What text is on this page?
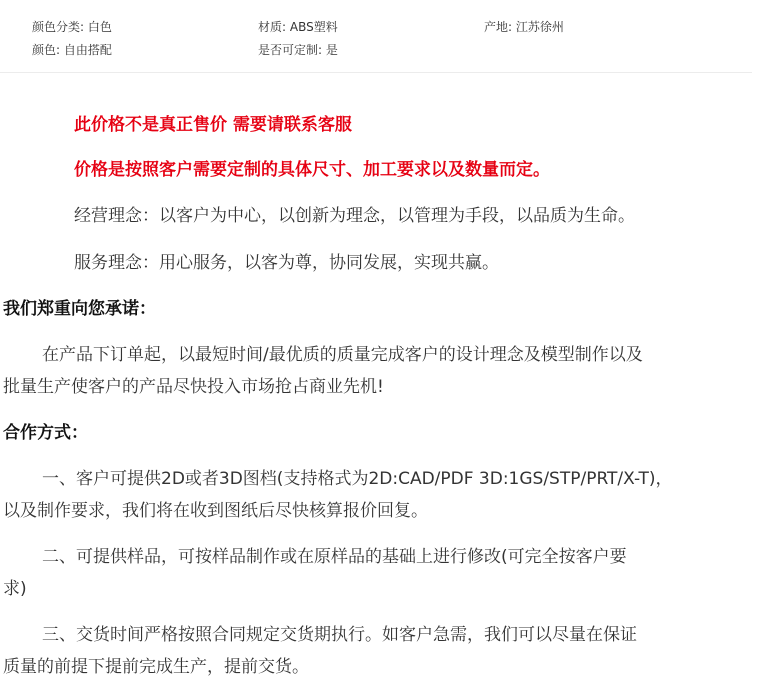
颜色分类: 白色	材质: ABS塑料	产地: 江苏徐州
颜色: 自由搭配	是否可定制: 是
此价格不是真正售价 需要请联系客服
价格是按照客户需要定制的具体尺寸、加工要求以及数量而定。
经营理念：以客户为中心，以创新为理念，以管理为手段，以品质为生命。
服务理念：用心服务，以客为尊，协同发展，实现共赢。
我们郑重向您承诺：
在产品下订单起，以最短时间/最优质的质量完成客户的设计理念及模型制作以及
批量生产使客户的产品尽快投入市场抢占商业先机!
合作方式：
一、客户可提供2D或者3D图档(支持格式为2D:CAD/PDF 3D:1GS/STP/PRT/X-T)，
以及制作要求，我们将在收到图纸后尽快核算报价回复。
二、可提供样品，可按样品制作或在原样品的基础上进行修改(可完全按客户要
求)
三、交货时间严格按照合同规定交货期执行。如客户急需，我们可以尽量在保证
质量的前提下提前完成生产，提前交货。
